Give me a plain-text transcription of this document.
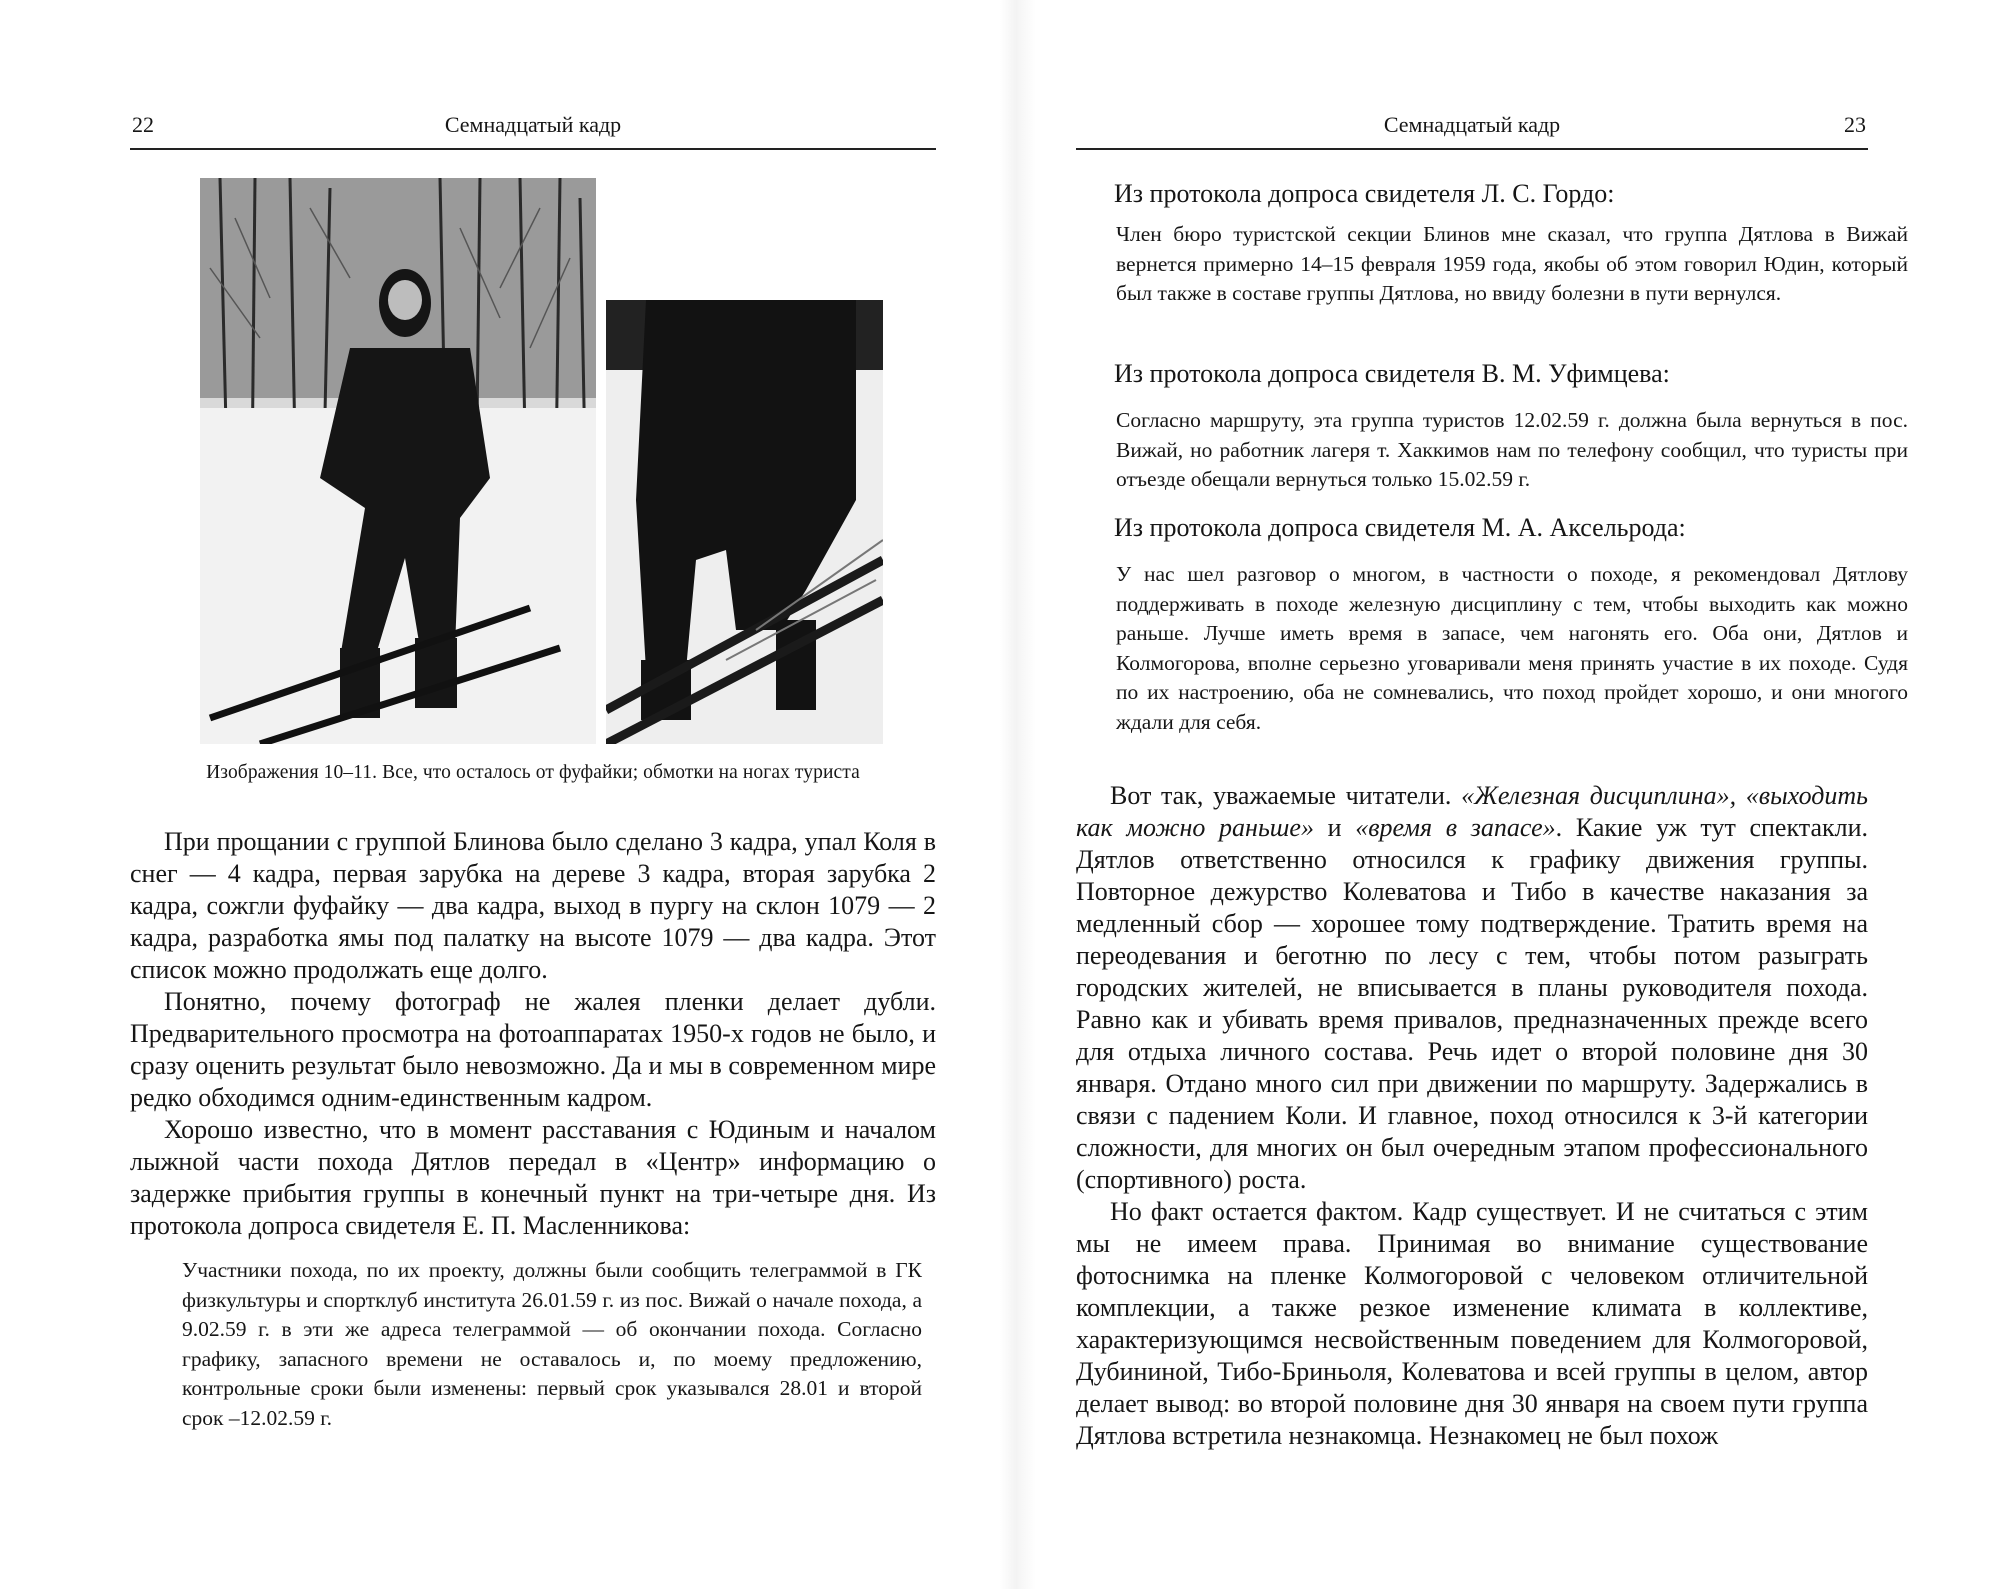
22	Семнадцатый кадр
Изображения 10–11. Все, что осталось от фуфайки; обмотки на ногах туриста

При прощании с группой Блинова было сделано 3 кадра, упал Коля в снег — 4 кадра, первая зарубка на дереве 3 кадра, вторая зарубка 2 кадра, сожгли фуфайку — два кадра, выход в пургу на склон 1079 — 2 кадра, разработка ямы под палатку на высоте 1079 — два кадра. Этот список можно продолжать еще долго.

Понятно, почему фотограф не жалея пленки делает дубли. Предварительного просмотра на фотоаппаратах 1950-х годов не было, и сразу оценить результат было невозможно. Да и мы в современном мире редко обходимся одним-единственным кадром.

Хорошо известно, что в момент расставания с Юдиным и началом лыжной части похода Дятлов передал в «Центр» информацию о задержке прибытия группы в конечный пункт на три-четыре дня. Из протокола допроса свидетеля Е. П. Масленникова:

Участники похода, по их проекту, должны были сообщить телеграммой в ГК физкультуры и спортклуб института 26.01.59 г. из пос. Вижай о начале похода, а 9.02.59 г. в эти же адреса телеграммой — об окончании похода. Согласно графику, запасного времени не оставалось и, по моему предложению, контрольные сроки были изменены: первый срок указывался 28.01 и второй срок –12.02.59 г.

Семнадцатый кадр	23

Из протокола допроса свидетеля Л. С. Гордо:

Член бюро туристской секции Блинов мне сказал, что группа Дятлова в Вижай вернется примерно 14–15 февраля 1959 года, якобы об этом говорил Юдин, который был также в составе группы Дятлова, но ввиду болезни в пути вернулся.

Из протокола допроса свидетеля В. М. Уфимцева:

Согласно маршруту, эта группа туристов 12.02.59 г. должна была вернуться в пос. Вижай, но работник лагеря т. Хаккимов нам по телефону сообщил, что туристы при отъезде обещали вернуться только 15.02.59 г.

Из протокола допроса свидетеля М. А. Аксельрода:

У нас шел разговор о многом, в частности о походе, я рекомендовал Дятлову поддерживать в походе железную дисциплину с тем, чтобы выходить как можно раньше. Лучше иметь время в запасе, чем нагонять его. Оба они, Дятлов и Колмогорова, вполне серьезно уговаривали меня принять участие в их походе. Судя по их настроению, оба не сомневались, что поход пройдет хорошо, и они многого ждали для себя.

Вот так, уважаемые читатели. «Железная дисциплина», «выходить как можно раньше» и «время в запасе». Какие уж тут спектакли. Дятлов ответственно относился к графику движения группы. Повторное дежурство Колеватова и Тибо в качестве наказания за медленный сбор — хорошее тому подтверждение. Тратить время на переодевания и беготню по лесу с тем, чтобы потом разыграть городских жителей, не вписывается в планы руководителя похода. Равно как и убивать время привалов, предназначенных прежде всего для отдыха личного состава. Речь идет о второй половине дня 30 января. Отдано много сил при движении по маршруту. Задержались в связи с падением Коли. И главное, поход относился к 3-й категории сложности, для многих он был очередным этапом профессионального (спортивного) роста.

Но факт остается фактом. Кадр существует. И не считаться с этим мы не имеем права. Принимая во внимание существование фотоснимка на пленке Колмогоровой с человеком отличительной комплекции, а также резкое изменение климата в коллективе, характеризующимся несвойственным поведением для Колмогоровой, Дубининой, Тибо-Бриньоля, Колеватова и всей группы в целом, автор делает вывод: во второй половине дня 30 января на своем пути группа Дятлова встретила незнакомца. Незнакомец не был похож
